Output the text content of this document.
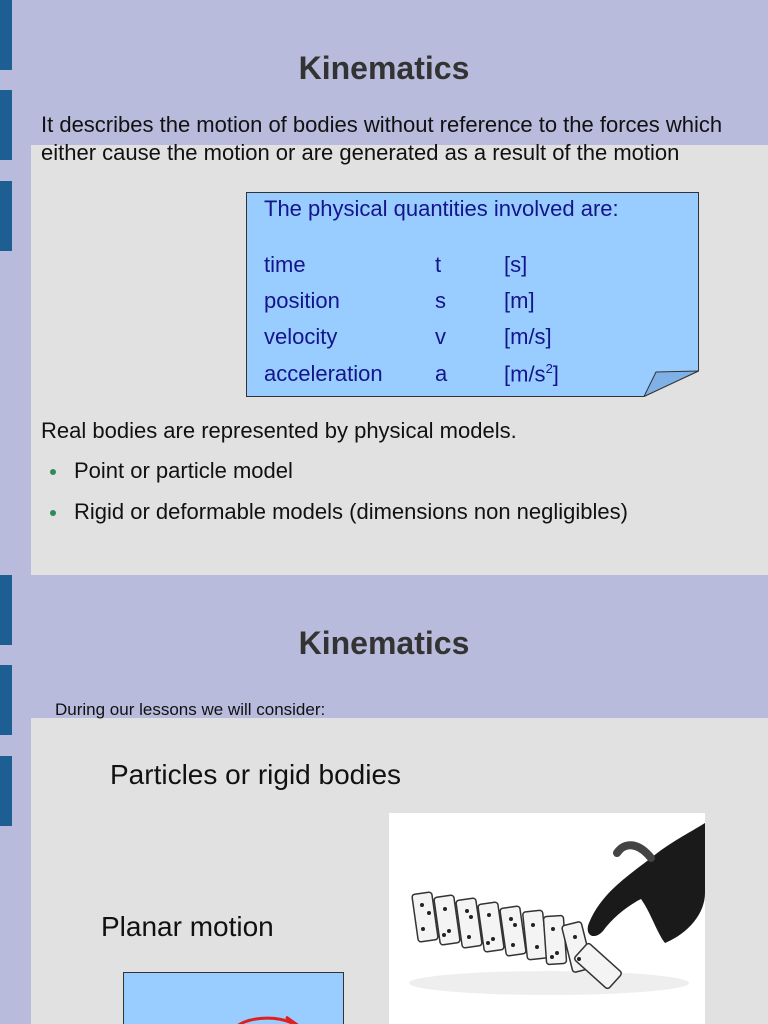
Kinematics

It describes the motion of bodies without reference to the forces which either cause the motion or are generated as a result of the motion

The physical quantities involved are:
time	t	[s]
position	s	[m]
velocity	v	[m/s]
acceleration a	$[m/s^2]$

Real bodies are represented by physical models.

Point or particle model
Rigid or deformable models (dimensions non negligibles)
Kinematics
During our lessons we will consider:
Particles or rigid bodies
Planar motion
